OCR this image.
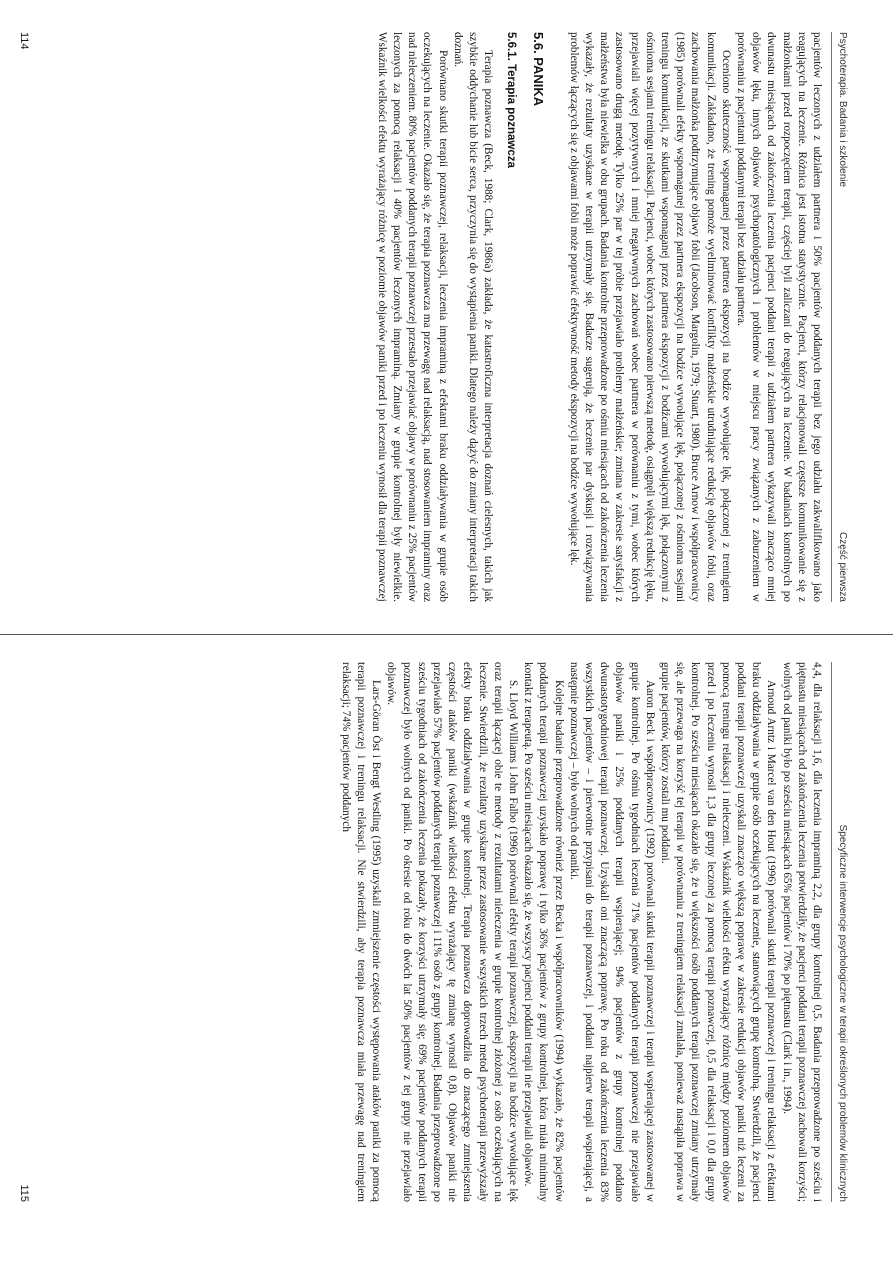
Psychoterapia. Badania i szkolenie
Część pierwsza

pacjentów leczonych z udziałem partnera i 50% pacjentów poddanych terapii bez jego udziału zakwalifikowano jako reagujących na leczenie. Różnica jest istotna statystycznie. Pacjenci, którzy relacjonowali częstsze komunikowanie się z małżonkami przed rozpoczęciem terapii, częściej byli zaliczani do reagujących na leczenie. W badaniach kontrolnych po dwunastu miesiącach od zakończenia leczenia pacjenci poddani terapii z udziałem partnera wykazywali znacząco mniej objawów lęku, innych objawów psychopatologicznych i problemów w miejscu pracy związanych z zaburzeniem w porównaniu z pacjentami poddanymi terapii bez udziału partnera.

Oceniono skuteczność wspomaganej przez partnera ekspozycji na bodźce wywołujące lęk, połączonej z treningiem komunikacji. Zakładano, że trening pomoże wyeliminować konflikty małżeńskie utrudniające redukcję objawów fobii, oraz zachowania małżonka podtrzymujące objawy fobii (Jacobson, Margolin, 1979; Stuart, 1980). Bruce Arnow i współpracownicy (1985) porównali efekty wspomaganej przez partnera ekspozycji na bodźce wywołujące lęk, połączonej z ośmioma sesjami treningu komunikacji, ze skutkami wspomaganej przez partnera ekspozycji z bodźcami wywołującymi lęk, połączonymi z ośmioma sesjami treningu relaksacji. Pacjenci, wobec których zastosowano pierwszą metodę, osiągnęli większą redukcję lęku, przejawiali więcej pozytywnych i mniej negatywnych zachowań wobec partnera w porównaniu z tymi, wobec których zastosowano drugą metodę. Tylko 25% par w tej próbie przejawiało problemy małżeńskie; zmiana w zakresie satysfakcji z małżeństwa była niewielka w obu grupach. Badania kontrolne przeprowadzone po ośmiu miesiącach od zakończenia leczenia wykazały, że rezultaty uzyskane w terapii utrzymały się. Badacze sugerują, że leczenie par dyskusji i rozwiązywania problemów łączących się z objawami fobii może poprawić efektywność metody ekspozycji na bodźce wywołujące lęk.

5.6. PANIKA
5.6.1. Terapia poznawcza

Terapia poznawcza (Beck, 1988; Clark, 1986a) zakłada, że katastroficzna interpretacja doznań cielesnych, takich jak szybkie oddychanie lub bicie serca, przyczynia się do wystąpienia paniki. Dlatego należy dążyć do zmiany interpretacji takich doznań.

Porównano skutki terapii poznawczej, relaksacji, leczenia impraminą z efektami braku oddziaływania w grupie osób oczekujących na leczenie. Okazało się, że terapia poznawcza ma przewagę nad relaksacją, nad stosowaniem impraminy oraz nad nieleczeniem. 80% pacjentów poddanych terapii poznawczej przestało przejawiać objawy w porównaniu z 25% pacjentów leczonych za pomocą relaksacji i 40% pacjentów leczonych impraminą. Zmiany w grupie kontrolnej były niewielkie. Wskaźnik wielkości efektu wyrażający różnicę w poziomie objawów paniki przed i po leczeniu wynosił dla terapii poznawczej

114
Specyficzne interwencje psychologiczne w terapii określonych problemów klinicznych

4,4, dla relaksacji 1,6, dla leczenia impraminą 2,2, dla grupy kontrolnej 0,5. Badania przeprowadzone po sześciu i piętnastu miesiącach od zakończenia leczenia potwierdziły, że pacjenci poddani terapii poznawczej zachowali korzyści; wolnych od paniki było po sześciu miesiącach 65% pacjentów i 70% po piętnastu (Clark i in., 1994).

Arnoud Arntz i Marcel van den Hout (1996) porównali skutki terapii poznawczej i treningu relaksacji z efektami braku oddziaływania w grupie osób oczekujących na leczenie, stanowiących grupę kontrolną. Stwierdzili, że pacjenci poddani terapii poznawczej uzyskali znacząco większą poprawę w zakresie redukcji objawów paniki niż leczeni za pomocą treningu relaksacji i nieleczeni. Wskaźnik wielkości efektu wyrażający różnicę między poziomem objawów przed i po leczeniu wynosił 1,3 dla grupy leczonej za pomocą terapii poznawczej, 0,5 dla relaksacji i 0,0 dla grupy kontrolnej. Po sześciu miesiącach okazało się, że u większości osób poddanych terapii poznawczej zmiany utrzymały się, ale przewaga na korzyść tej terapii w porównaniu z treningiem relaksacji zmalała, ponieważ nastąpiła poprawa w grupie pacjentów, którzy zostali mu poddani.

Aaron Beck i współpracownicy (1992) porównali skutki terapii poznawczej i terapii wspierającej zastosowanej w grupie kontrolnej. Po ośmiu tygodniach leczenia 71% pacjentów poddanych terapii poznawczej nie przejawiało objawów paniki i 25% poddanych terapii wspierającej; 94% pacjentów z grupy kontrolnej poddano dwunastotygodniowej terapii poznawczej. Uzyskali oni znaczącą poprawę. Po roku od zakończenia leczenia 83% wszystkich pacjentów – i pierwotnie przypisani do terapii poznawczej, i poddani najpierw terapii wspierającej, a następnie poznawczej – było wolnych od paniki.

Kolejne badanie przeprowadzone również przez Becka i współpracowników (1994) wykazało, że 82% pacjentów poddanych terapii poznawczej uzyskało poprawę i tylko 36% pacjentów z grupy kontrolnej, która miała minimalny kontakt z terapeutą. Po sześciu miesiącach okazało się, że wszyscy pacjenci poddani terapii nie przejawiali objawów.

S. Lloyd Williams i John Falbo (1996) porównali efekty terapii poznawczej, ekspozycji na bodźce wywołujące lęk oraz terapii łączącej obie te metody z rezultatami nieleczenia w grupie kontrolnej złożonej z osób oczekujących na leczenie. Stwierdzili, że rezultaty uzyskane przez zastosowanie wszystkich trzech metod psychoterapii przewyższały efekty braku oddziaływania w grupie kontrolnej. Terapia poznawcza doprowadziła do znaczącego zmniejszenia częstości ataków paniki (wskaźnik wielkości efektu wyrażający tę zmianę wynosił 0,8). Objawów paniki nie przejawiało 57% pacjentów poddanych terapii poznawczej i 11% osób z grupy kontrolnej. Badania przeprowadzone po sześciu tygodniach od zakończenia leczenia pokazały, że korzyści utrzymały się; 69% pacjentów poddanych terapii poznawczej było wolnych od paniki. Po okresie od roku do dwóch lat 50% pacjentów z tej grupy nie przejawiało objawów.

Lars-Göran Öst i Bengt Westling (1995) uzyskali zmniejszenie częstości występowania ataków paniki za pomocą terapii poznawczej i treningu relaksacji. Nie stwierdzili, aby terapia poznawcza miała przewagę nad treningiem relaksacji; 74% pacjentów poddanych

115
